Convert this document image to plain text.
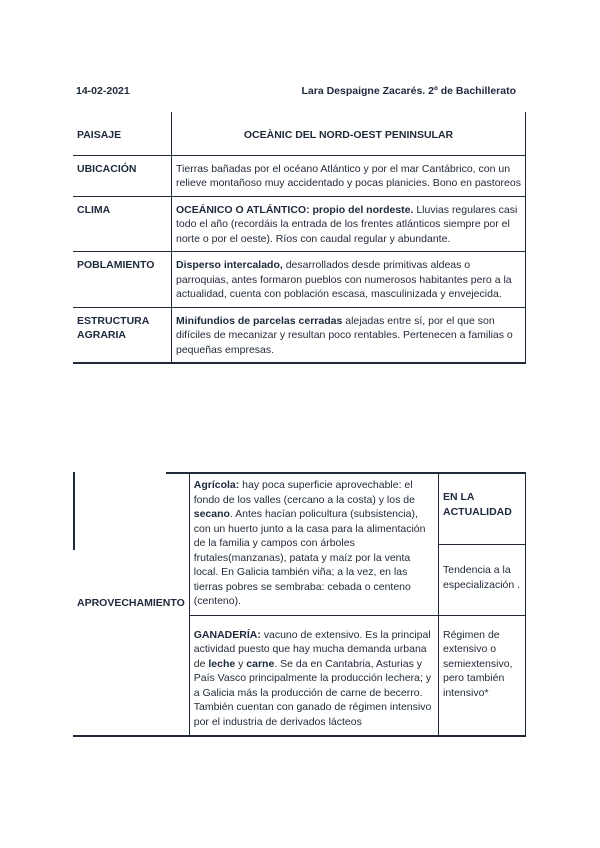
14-02-2021	Lara Despaigne Zacarés. 2º de Bachillerato
PAISAJE	OCEÀNIC DEL NORD-OEST PENINSULAR
UBICACIÓN	Tierras bañadas por el océano Atlántico y por el mar Cantábrico, con un relieve montañoso muy accidentado y pocas planicies. Bono en pastoreos
CLIMA	OCEÁNICO O ATLÁNTICO: propio del nordeste. Lluvias regulares casi todo el año (recordáis la entrada de los frentes atlánticos siempre por el norte o por el oeste). Ríos con caudal regular y abundante.
POBLAMIENTO	Disperso intercalado, desarrollados desde primitivas aldeas o parroquias, antes formaron pueblos con numerosos habitantes pero a la actualidad, cuenta con población escasa, masculinizada y envejecida.
ESTRUCTURA AGRARIA	Minifundios de parcelas cerradas alejadas entre sí, por el que son difíciles de mecanizar y resultan poco rentables. Pertenecen a familias o pequeñas empresas.
APROVECHAMIENTO	Agrícola: hay poca superficie aprovechable: el fondo de los valles (cercano a la costa) y los de secano. Antes hacían policultura (subsistencia), con un huerto junto a la casa para la alimentación de la familia y campos con árboles frutales(manzanas), patata y maíz por la venta local. En Galicia también viña; a la vez, en las tierras pobres se sembraba: cebada o centeno (centeno).	EN LA ACTUALIDAD
		Tendencia a la especialización .
	GANADERÍA: vacuno de extensivo. Es la principal actividad puesto que hay mucha demanda urbana de leche y carne. Se da en Cantabria, Asturias y País Vasco principalmente la producción lechera; y a Galicia más la producción de carne de becerro. También cuentan con ganado de régimen intensivo por el industria de derivados lácteos	Régimen de extensivo o semiextensivo, pero también intensivo*
